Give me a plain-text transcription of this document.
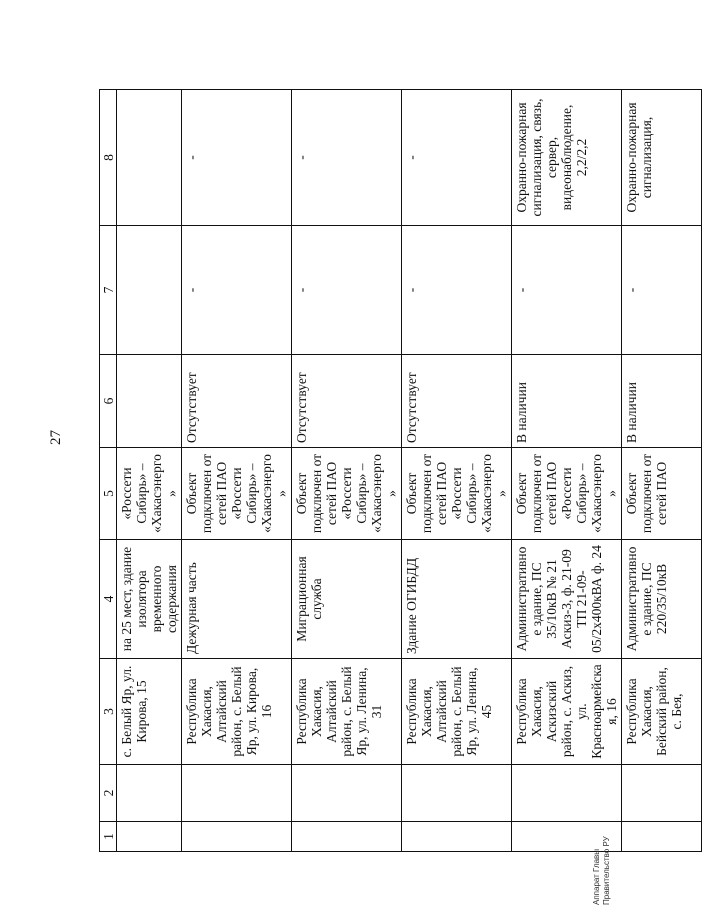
27
1	2	3	4	5	6	7	8
		с. Белый Яр, ул. Кирова, 15	на 25 мест, здание изолятора временного содержания	«Россети Сибирь» – «Хакасэнерго»			
		Республика Хакасия, Алтайский район, с. Белый Яр, ул. Кирова, 16	Дежурная часть	Объект подключен от сетей ПАО «Россети Сибирь» – «Хакасэнерго»	Отсутствует	-	-
		Республика Хакасия, Алтайский район, с. Белый Яр, ул. Ленина, 31	Миграционная служба	Объект подключен от сетей ПАО «Россети Сибирь» – «Хакасэнерго»	Отсутствует	-	-
		Республика Хакасия, Алтайский район, с. Белый Яр, ул. Ленина, 45	Здание ОГИБДД	Объект подключен от сетей ПАО «Россети Сибирь» – «Хакасэнерго»	Отсутствует	-	-
		Республика Хакасия, Аскизский район, с. Аскиз, ул. Красноармейская, 16	Административное здание, ПС 35/10кВ № 21 Аскиз-3, ф. 21-09 ТП 21-09-05/2х400кВА ф. 24	Объект подключен от сетей ПАО «Россети Сибирь» – «Хакасэнерго»	В наличии	-	Охранно-пожарная сигнализация, связь, сервер, видеонаблюдение, 2,2/2,2
		Республика Хакасия, Бейский район, с. Бея,	Административное здание, ПС 220/35/10кВ	Объект подключен от сетей ПАО	В наличии	-	Охранно-пожарная сигнализация,
Аппарат Главы Правительство РУ
